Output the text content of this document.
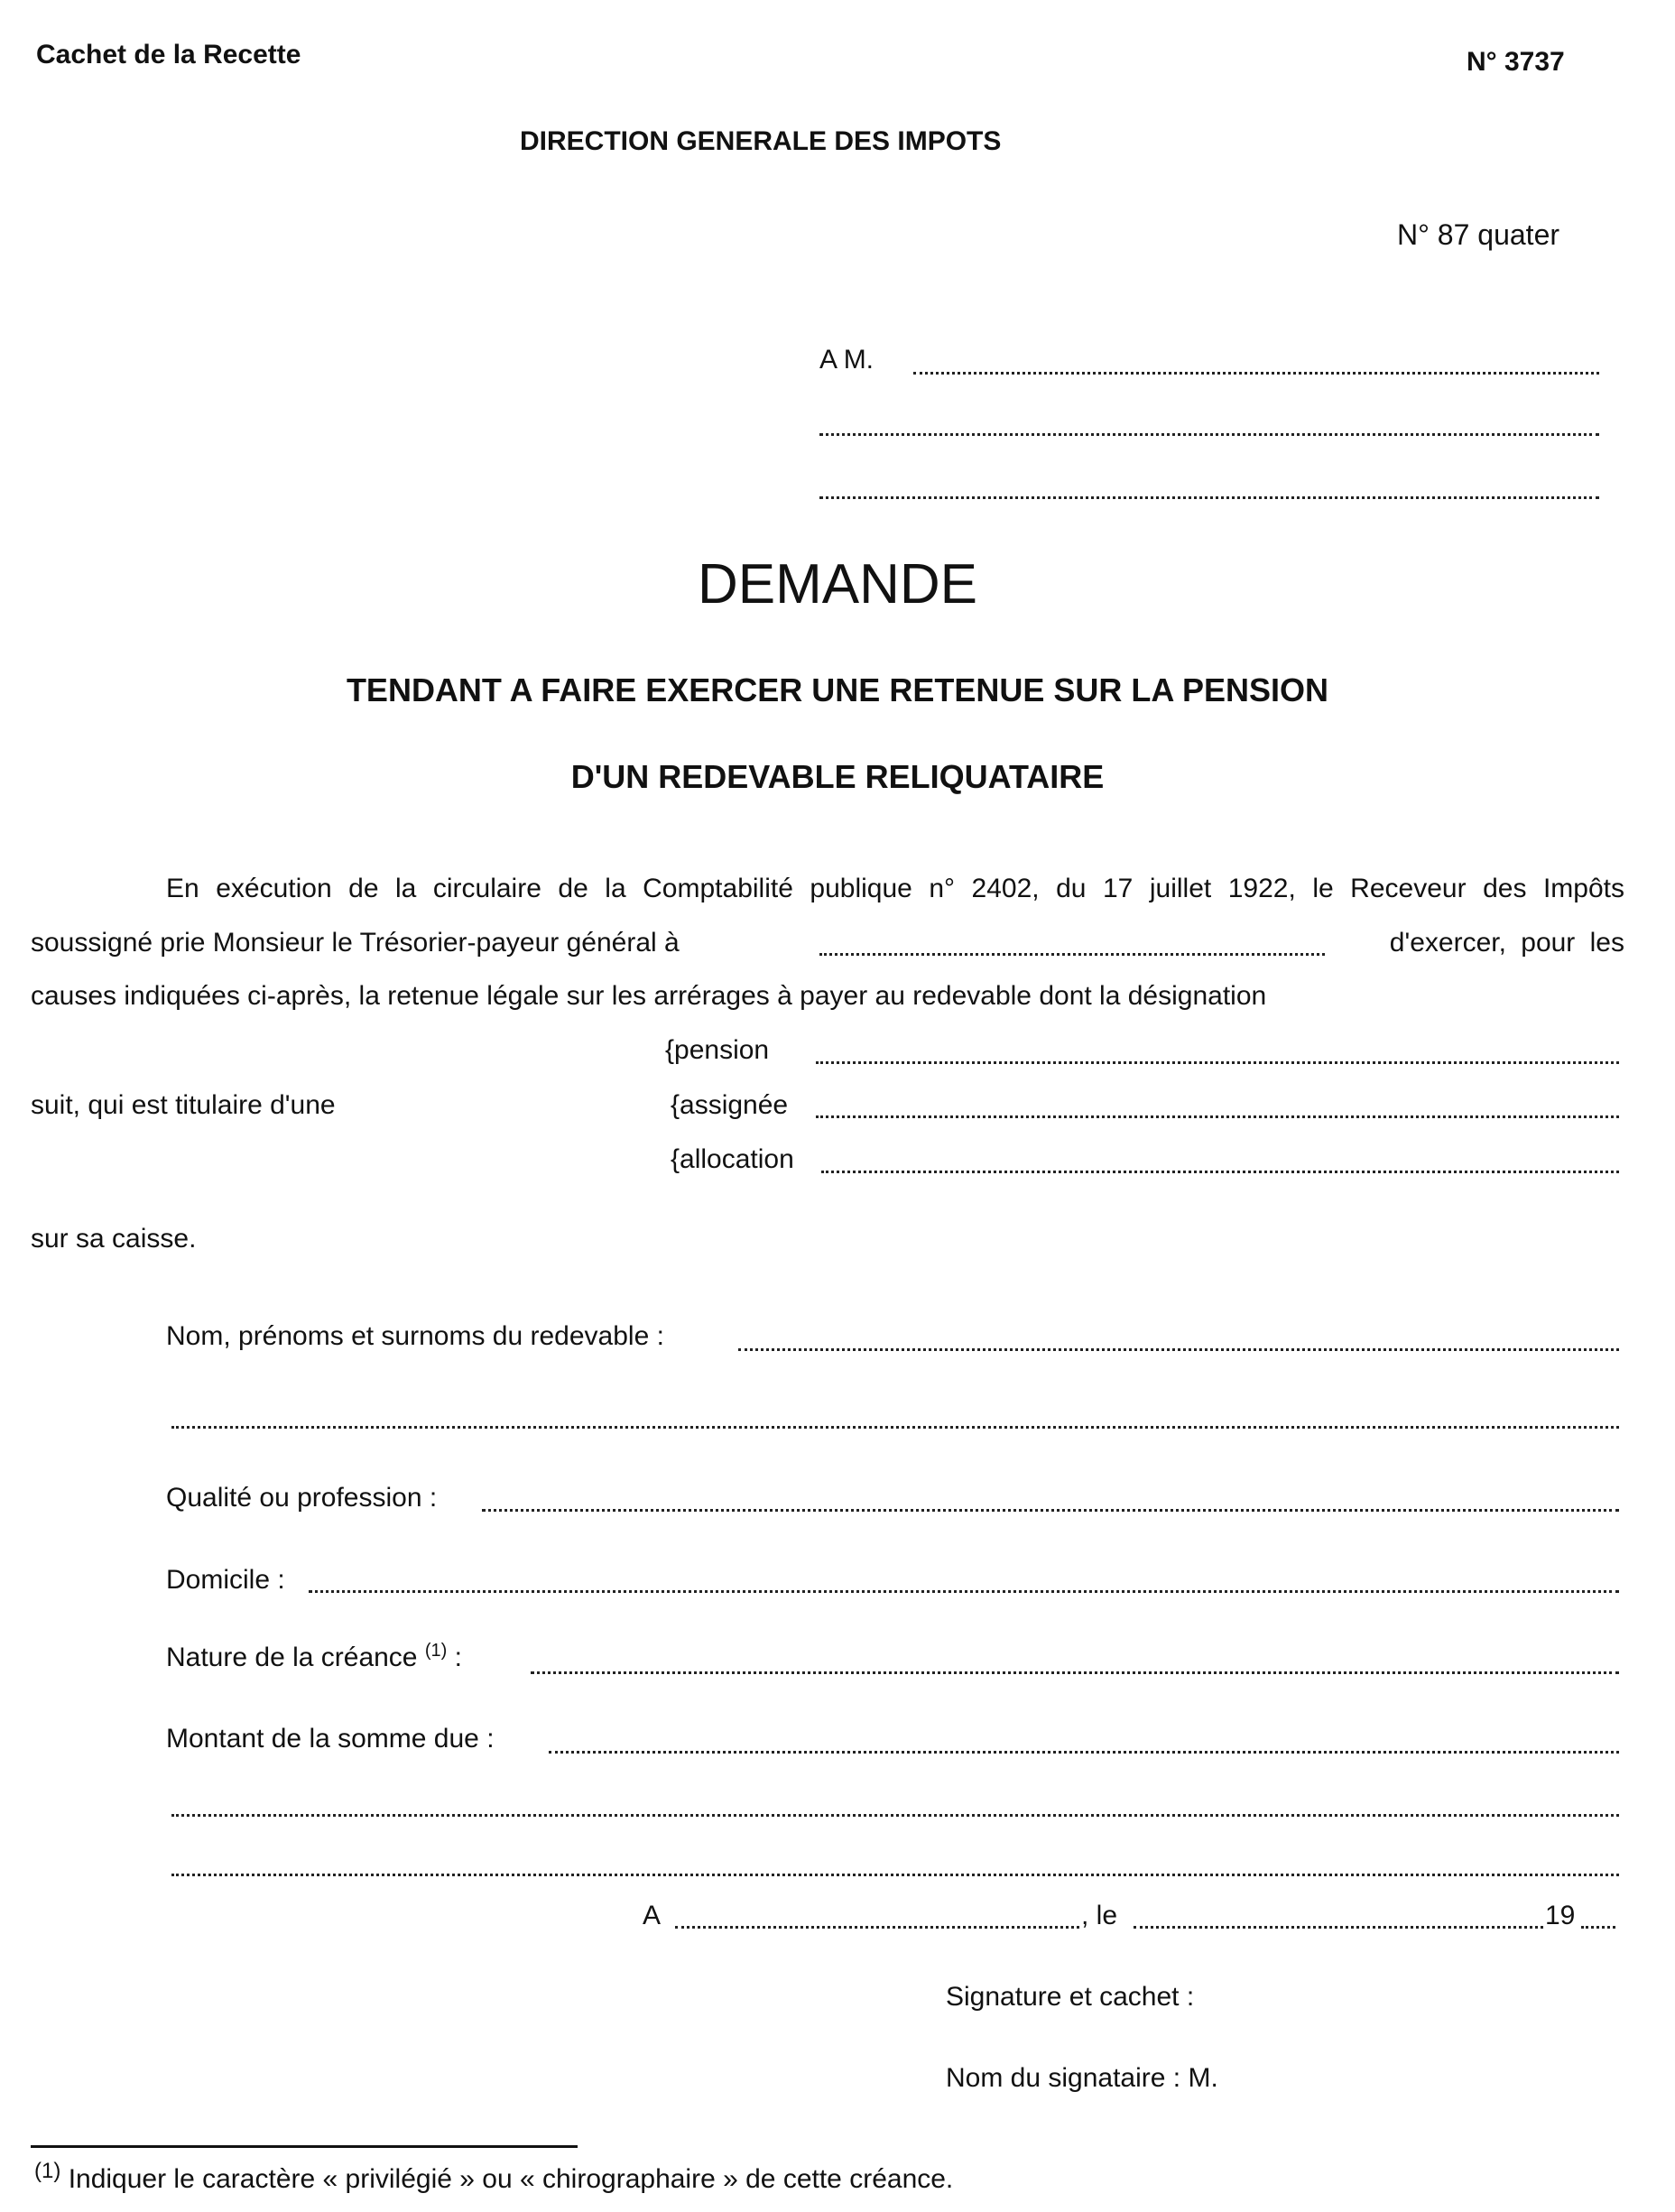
Cachet de la Recette	N° 3737
DIRECTION GENERALE DES IMPOTS
N° 87 quater
A M.
DEMANDE
TENDANT A FAIRE EXERCER UNE RETENUE SUR LA PENSION
D'UN REDEVABLE RELIQUATAIRE
En exécution de la circulaire de la Comptabilité publique n° 2402, du 17 juillet 1922, le Receveur des Impôts
soussigné prie Monsieur le Trésorier-payeur général à	d'exercer, pour les
causes indiquées ci-après, la retenue légale sur les arrérages à payer au redevable dont la désignation
suit, qui est titulaire d'une
{pension
{assignée
{allocation
sur sa caisse.
Nom, prénoms et surnoms du redevable :
Qualité ou profession :
Domicile :
Nature de la créance $^{(1)}$ :
Montant de la somme due :
A	, le	19
Signature et cachet :
Nom du signataire : M.
$^{(1)}$ Indiquer le caractère « privilégié » ou « chirographaire » de cette créance.
